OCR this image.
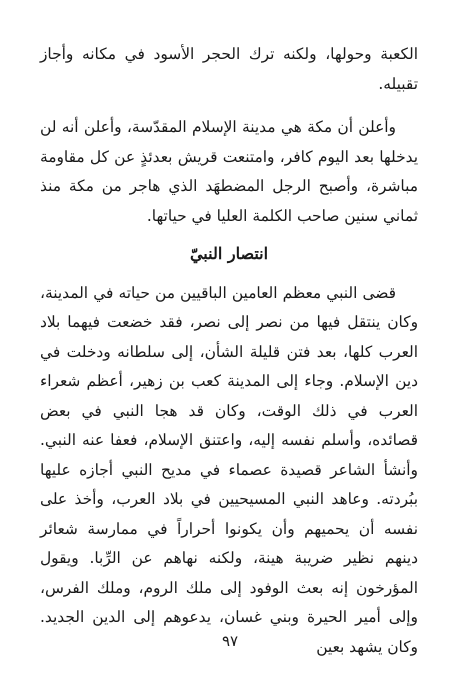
الكعبة وحولها، ولكنه ترك الحجر الأسود في مكانه وأجاز تقبيله.

وأعلن أن مكة هي مدينة الإسلام المقدّسة، وأعلن أنه لن يدخلها بعد اليوم كافر، وامتنعت قريش بعدئذٍ عن كل مقاومة مباشرة، وأصبح الرجل المضطهَد الذي هاجر من مكة منذ ثماني سنين صاحب الكلمة العليا في حياتها.

انتصار النبيّ

قضى النبي معظم العامين الباقيين من حياته في المدينة، وكان ينتقل فيها من نصر إلى نصر، فقد خضعت فيهما بلاد العرب كلها، بعد فتن قليلة الشأن، إلى سلطانه ودخلت في دين الإسلام. وجاء إلى المدينة كعب بن زهير، أعظم شعراء العرب في ذلك الوقت، وكان قد هجا النبي في بعض قصائده، وأسلم نفسه إليه، واعتنق الإسلام، فعفا عنه النبي. وأنشأ الشاعر قصيدة عصماء في مديح النبي أجازه عليها ببُردته. وعاهد النبي المسيحيين في بلاد العرب، وأخذ على نفسه أن يحميهم وأن يكونوا أحراراً في ممارسة شعائر دينهم نظير ضريبة هينة، ولكنه نهاهم عن الرِّبا. ويقول المؤرخون إنه بعث الوفود إلى ملك الروم، وملك الفرس، وإلى أمير الحيرة وبني غسان، يدعوهم إلى الدين الجديد. وكان يشهد بعين

٩٧
